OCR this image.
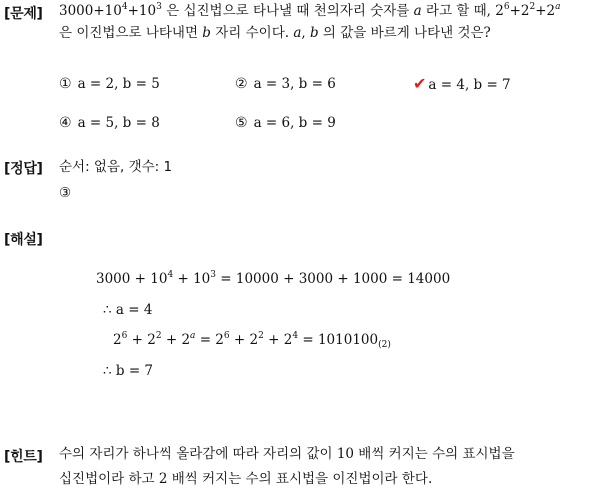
[문제] $3000+10^4+10^3$ 은 십진법으로 타나낼 때 천의자리 숫자를 a 라고 할 때, $2^6+2^2+2^a$
은 이진법으로 나타내면 b 자리 수이다. a, b 의 값을 바르게 나타낸 것은?
① a = 2, b = 5	② a = 3, b = 6	✔ a = 4, b = 7
④ a = 5, b = 8	⑤ a = 6, b = 9
[정답] 순서: 없음, 갯수: 1
③
[해설]
$3000 + 10^4 + 10^3 = 10000 + 3000 + 1000 = 14000$
∴ a = 4
$2^6 + 2^2 + 2^a = 2^6 + 2^2 + 2^4 = 1010100_{(2)}$
∴ b = 7
[힌트] 수의 자리가 하나씩 올라감에 따라 자리의 값이 10 배씩 커지는 수의 표시법을
십진법이라 하고 2 배씩 커지는 수의 표시법을 이진법이라 한다.
